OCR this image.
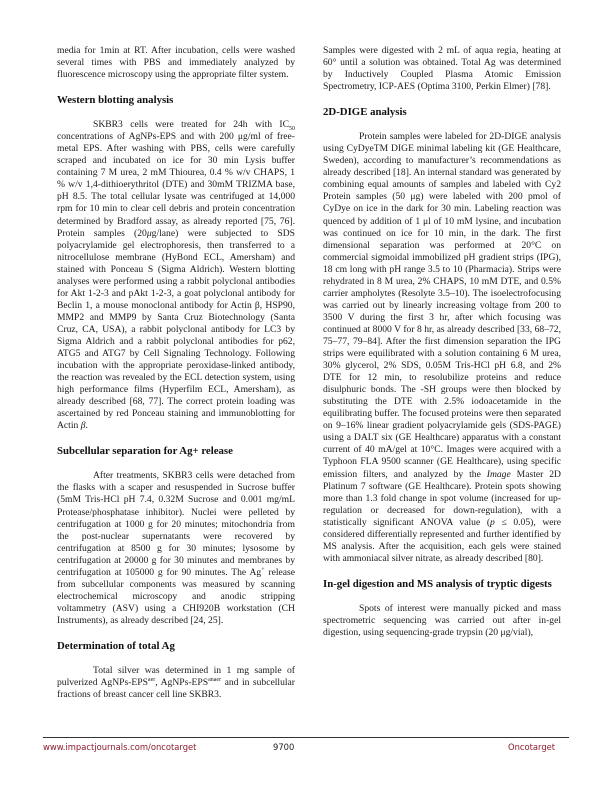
media for 1min at RT. After incubation, cells were washed several times with PBS and immediately analyzed by fluorescence microscopy using the appropriate filter system.

Western blotting analysis

SKBR3 cells were treated for 24h with $IC_{50}$ concentrations of AgNPs-EPS and with 200 μg/ml of free-metal EPS. After washing with PBS, cells were carefully scraped and incubated on ice for 30 min Lysis buffer containing 7 M urea, 2 mM Thiourea, 0.4 % w/v CHAPS, 1 % w/v 1,4-dithioerythritol (DTE) and 30mM TRIZMA base, pH 8.5. The total cellular lysate was centrifuged at 14,000 rpm for 10 min to clear cell debris and protein concentration determined by Bradford assay, as already reported [75, 76]. Protein samples (20μg/lane) were subjected to SDS polyacrylamide gel electrophoresis, then transferred to a nitrocellulose membrane (HyBond ECL, Amersham) and stained with Ponceau S (Sigma Aldrich). Western blotting analyses were performed using a rabbit polyclonal antibodies for Akt 1-2-3 and pAkt 1-2-3, a goat polyclonal antibody for Beclin 1, a mouse monoclonal antibody for Actin β, HSP90, MMP2 and MMP9 by Santa Cruz Biotechnology (Santa Cruz, CA, USA), a rabbit polyclonal antibody for LC3 by Sigma Aldrich and a rabbit polyclonal antibodies for p62, ATG5 and ATG7 by Cell Signaling Technology. Following incubation with the appropriate peroxidase-linked antibody, the reaction was revealed by the ECL detection system, using high performance films (Hyperfilm ECL, Amersham), as already described [68, 77]. The correct protein loading was ascertained by red Ponceau staining and immunoblotting for Actin β.

Subcellular separation for Ag+ release

After treatments, SKBR3 cells were detached from the flasks with a scaper and resuspended in Sucrose buffer (5mM Tris-HCl pH 7.4, 0.32M Sucrose and 0.001 mg/mL Protease/phosphatase inhibitor). Nuclei were pelleted by centrifugation at 1000 g for 20 minutes; mitochondria from the post-nuclear supernatants were recovered by centrifugation at 8500 g for 30 minutes; lysosome by centrifugation at 20000 g for 30 minutes and membranes by centrifugation at 105000 g for 90 minutes. The Ag+ release from subcellular components was measured by scanning electrochemical microscopy and anodic stripping voltammetry (ASV) using a CHI920B workstation (CH Instruments), as already described [24, 25].

Determination of total Ag

Total silver was determined in 1 mg sample of pulverized AgNPs-$EPS^{aer}$, AgNPs-$EPS^{anaer}$ and in subcellular fractions of breast cancer cell line SKBR3.

Samples were digested with 2 mL of aqua regia, heating at 60° until a solution was obtained. Total Ag was determined by Inductively Coupled Plasma Atomic Emission Spectrometry, ICP-AES (Optima 3100, Perkin Elmer) [78].

2D-DIGE analysis

Protein samples were labeled for 2D-DIGE analysis using CyDyeTM DIGE minimal labeling kit (GE Healthcare, Sweden), according to manufacturer’s recommendations as already described [18]. An internal standard was generated by combining equal amounts of samples and labeled with Cy2 Protein samples (50 μg) were labeled with 200 pmol of CyDye on ice in the dark for 30 min. Labeling reaction was quenced by addition of 1 μl of 10 mM lysine, and incubation was continued on ice for 10 min, in the dark. The first dimensional separation was performed at 20°C on commercial sigmoidal immobilized pH gradient strips (IPG), 18 cm long with pH range 3.5 to 10 (Pharmacia). Strips were rehydrated in 8 M urea, 2% CHAPS, 10 mM DTE, and 0.5% carrier ampholytes (Resolyte 3.5–10). The isoelectrofocusing was carried out by linearly increasing voltage from 200 to 3500 V during the first 3 hr, after which focusing was continued at 8000 V for 8 hr, as already described [33, 68–72, 75–77, 79–84]. After the first dimension separation the IPG strips were equilibrated with a solution containing 6 M urea, 30% glycerol, 2% SDS, 0.05M Tris-HCl pH 6.8, and 2% DTE for 12 min, to resolubilize proteins and reduce disulphuric bonds. The -SH groups were then blocked by substituting the DTE with 2.5% iodoacetamide in the equilibrating buffer. The focused proteins were then separated on 9–16% linear gradient polyacrylamide gels (SDS-PAGE) using a DALT six (GE Healthcare) apparatus with a constant current of 40 mA/gel at 10°C. Images were acquired with a Typhoon FLA 9500 scanner (GE Healthcare), using specific emission filters, and analyzed by the Image Master 2D Platinum 7 software (GE Healthcare). Protein spots showing more than 1.3 fold change in spot volume (increased for up-regulation or decreased for down-regulation), with a statistically significant ANOVA value (p ≤ 0.05), were considered differentially represented and further identified by MS analysis. After the acquisition, each gels were stained with ammoniacal silver nitrate, as already described [80].

In-gel digestion and MS analysis of tryptic digests

Spots of interest were manually picked and mass spectrometric sequencing was carried out after in-gel digestion, using sequencing-grade trypsin (20 μg/vial),

www.impactjournals.com/oncotarget	9700	Oncotarget
